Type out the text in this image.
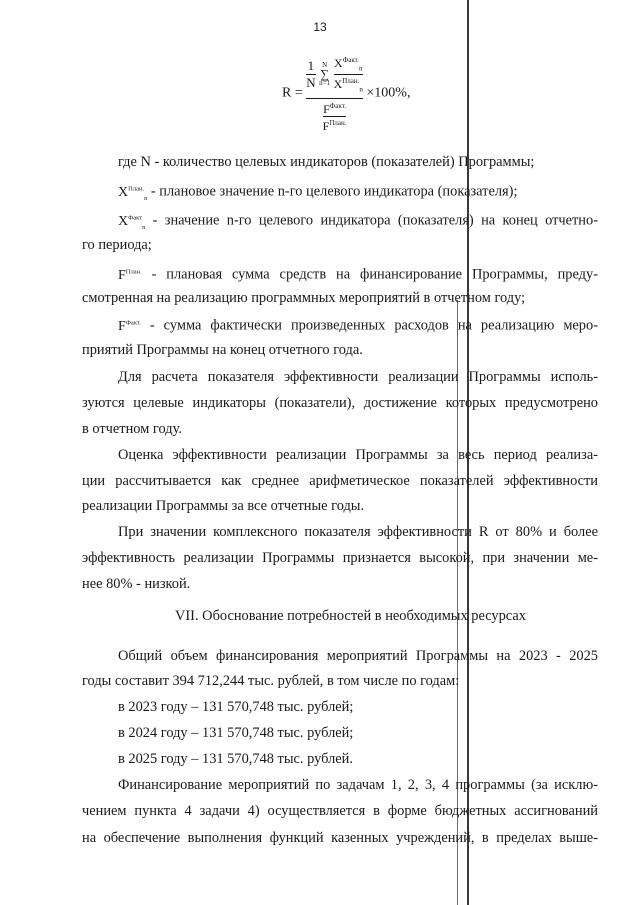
13
R =
$\frac{1}{N}$
N
∑
n=1
$\frac{X^{Факт.}_n}{X^{План.}_n}$
$\frac{F^{Факт.}}{F^{План.}}$
×100%,
где N - количество целевых индикаторов (показателей) Программы;
$X^{План.}_n$ - плановое значение n-го целевого индикатора (показателя);
$X^{Факт}_n$ - значение n-го целевого индикатора (показателя) на конец отчетно-
го периода;
$F^{План.}$ - плановая сумма средств на финансирование Программы, преду-
смотренная на реализацию программных мероприятий в отчетном году;
$F^{Факт.}$ - сумма фактически произведенных расходов на реализацию меро-
приятий Программы на конец отчетного года.
Для расчета показателя эффективности реализации Программы исполь-
зуются целевые индикаторы (показатели), достижение которых предусмотрено
в отчетном году.
Оценка эффективности реализации Программы за весь период реализа-
ции рассчитывается как среднее арифметическое показателей эффективности
реализации Программы за все отчетные годы.
При значении комплексного показателя эффективности R от 80% и более
эффективность реализации Программы признается высокой, при значении ме-
нее 80% - низкой.
VII. Обоснование потребностей в необходимых ресурсах
Общий объем финансирования мероприятий Программы на 2023 - 2025
годы составит 394 712,244 тыс. рублей, в том числе по годам:
в 2023 году – 131 570,748 тыс. рублей;
в 2024 году – 131 570,748 тыс. рублей;
в 2025 году – 131 570,748 тыс. рублей.
Финансирование мероприятий по задачам 1, 2, 3, 4 программы (за исклю-
чением пункта 4 задачи 4) осуществляется в форме бюджетных ассигнований
на обеспечение выполнения функций казенных учреждений, в пределах выше-
